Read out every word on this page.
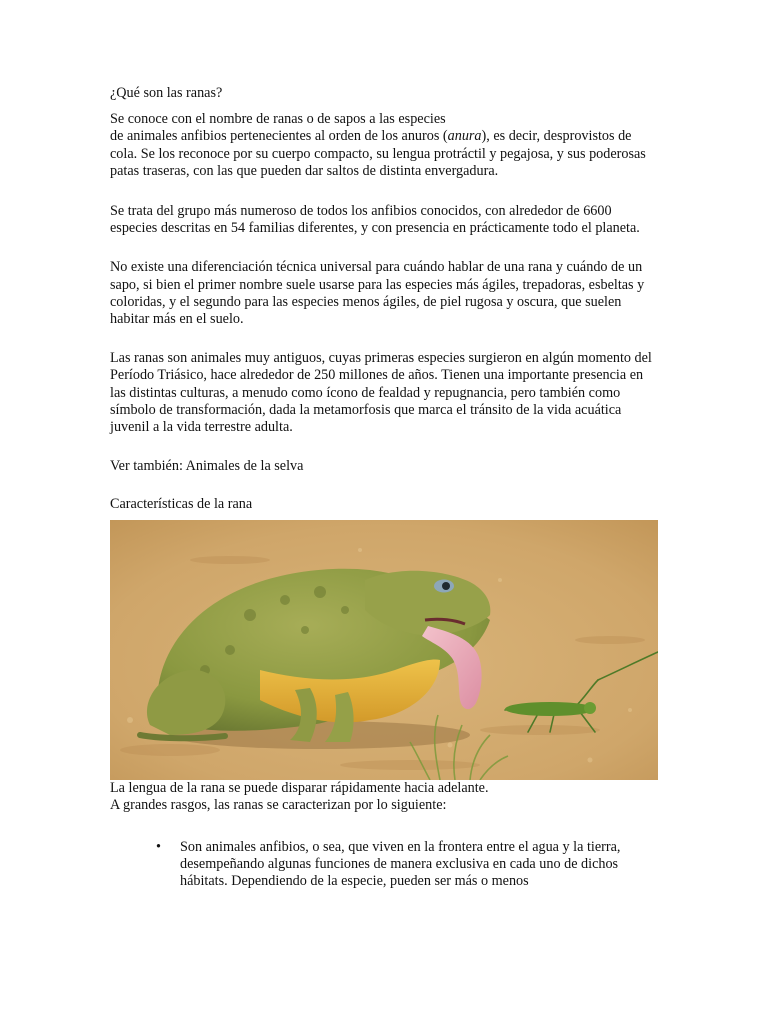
¿Qué son las ranas?

Se conoce con el nombre de ranas o de sapos a las especies
de animales anfibios pertenecientes al orden de los anuros (anura), es decir, desprovistos de cola. Se los reconoce por su cuerpo compacto, su lengua protráctil y pegajosa, y sus poderosas patas traseras, con las que pueden dar saltos de distinta envergadura.

Se trata del grupo más numeroso de todos los anfibios conocidos, con alrededor de 6600 especies descritas en 54 familias diferentes, y con presencia en prácticamente todo el planeta.

No existe una diferenciación técnica universal para cuándo hablar de una rana y cuándo de un sapo, si bien el primer nombre suele usarse para las especies más ágiles, trepadoras, esbeltas y coloridas, y el segundo para las especies menos ágiles, de piel rugosa y oscura, que suelen habitar más en el suelo.

Las ranas son animales muy antiguos, cuyas primeras especies surgieron en algún momento del Período Triásico, hace alrededor de 250 millones de años. Tienen una importante presencia en las distintas culturas, a menudo como ícono de fealdad y repugnancia, pero también como símbolo de transformación, dada la metamorfosis que marca el tránsito de la vida acuática juvenil a la vida terrestre adulta.

Ver también: Animales de la selva

Características de la rana

La lengua de la rana se puede disparar rápidamente hacia adelante.

A grandes rasgos, las ranas se caracterizan por lo siguiente:

• Son animales anfibios, o sea, que viven en la frontera entre el agua y la tierra, desempeñando algunas funciones de manera exclusiva en cada uno de dichos hábitats. Dependiendo de la especie, pueden ser más o menos
